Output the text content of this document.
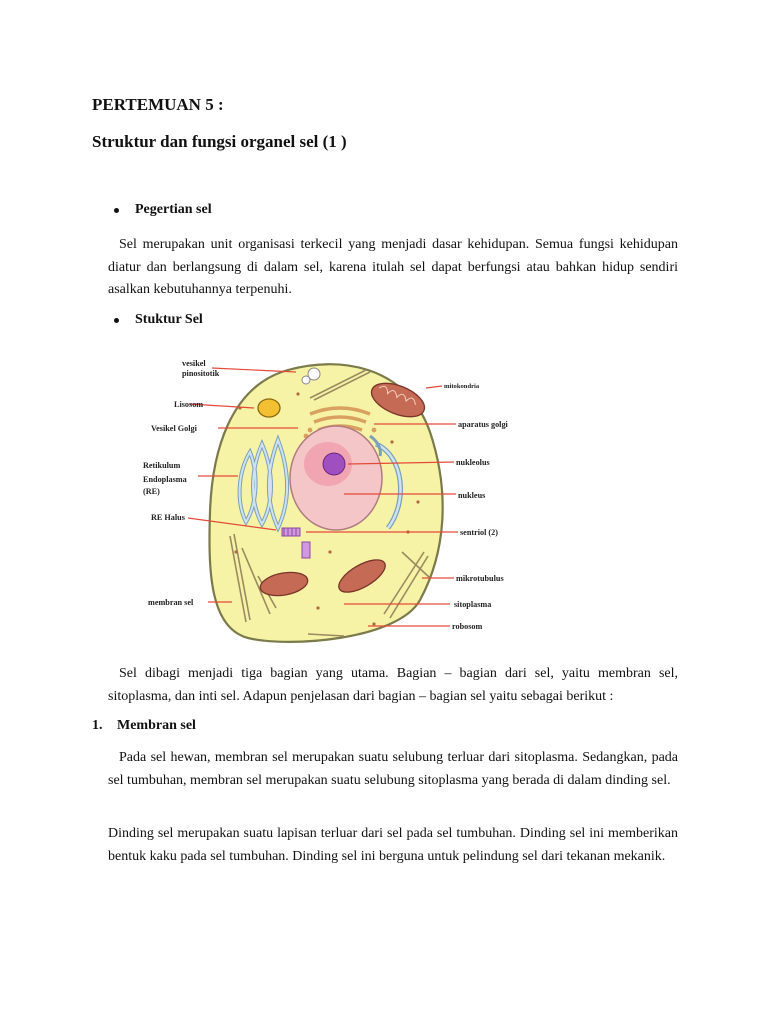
PERTEMUAN 5 :
Struktur dan fungsi organel sel (1 )
Pegertian sel
Sel merupakan unit organisasi terkecil yang menjadi dasar kehidupan. Semua fungsi kehidupan diatur dan berlangsung di dalam sel, karena itulah sel dapat berfungsi atau bahkan hidup sendiri asalkan kebutuhannya terpenuhi.
Stuktur Sel
vesikel
pinositotik
Lisosom
Vesikel Golgi
Retikulum
Endoplasma
(RE)
RE Halus
membran sel
mitokondria
aparatus golgi
nukleolus
nukleus
sentriol (2)
mikrotubulus
sitoplasma
robosom
Sel dibagi menjadi tiga bagian yang utama. Bagian – bagian dari sel, yaitu membran sel, sitoplasma, dan inti sel. Adapun penjelasan dari bagian – bagian sel yaitu sebagai berikut :
1. Membran sel
Pada sel hewan, membran sel merupakan suatu selubung terluar dari sitoplasma. Sedangkan, pada sel tumbuhan, membran sel merupakan suatu selubung sitoplasma yang berada di dalam dinding sel.
Dinding sel merupakan suatu lapisan terluar dari sel pada sel tumbuhan. Dinding sel ini memberikan bentuk kaku pada sel tumbuhan. Dinding sel ini berguna untuk pelindung sel dari tekanan mekanik.
